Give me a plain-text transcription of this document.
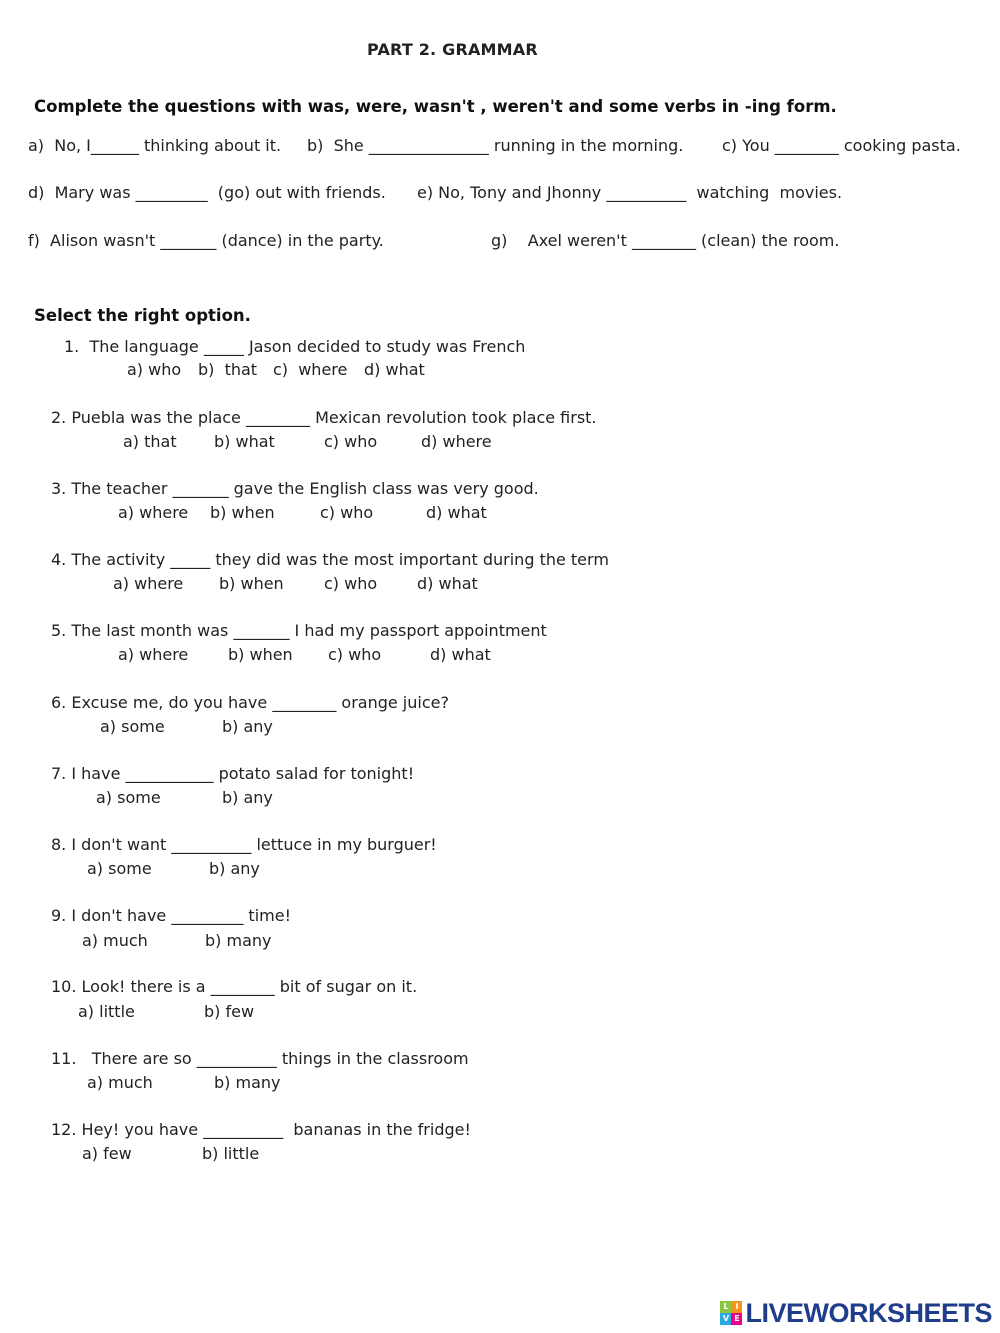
PART 2. GRAMMAR
Complete the questions with was, were, wasn't , weren't and some verbs in -ing form.
a)  No, I______ thinking about it. b)  She _______________ running in the morning. c) You ________ cooking pasta.
d)  Mary was _________  (go) out with friends. e) No, Tony and Jhonny __________  watching  movies.
f)  Alison wasn't _______ (dance) in the party.	g)    Axel weren't ________ (clean) the room.
Select the right option.
1.  The language _____ Jason decided to study was French
a) who b)  that c)  where d) what
2. Puebla was the place ________ Mexican revolution took place first.
a) that b) what	c) who	d) where
3. The teacher _______ gave the English class was very good.
a) where b) when	c) who	d) what
4. The activity _____ they did was the most important during the term
a) where b) when	c) who d) what
5. The last month was _______ I had my passport appointment
a) where b) when c) who	d) what
6. Excuse me, do you have ________ orange juice?
a) some	b) any
7. I have ___________ potato salad for tonight!
a) some	b) any
8. I don't want __________ lettuce in my burguer!
a) some	b) any
9. I don't have _________ time!
a) much	b) many
10. Look! there is a ________ bit of sugar on it.
a) little	b) few
11.   There are so __________ things in the classroom
a) much	b) many
12. Hey! you have __________  bananas in the fridge!
a) few	b) little
L I
V E LIVEWORKSHEETS
